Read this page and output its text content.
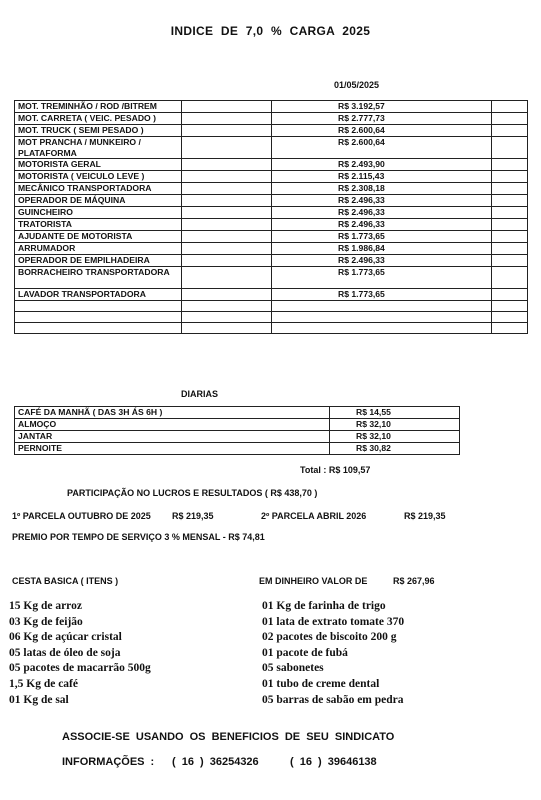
INDICE DE 7,0 % CARGA 2025
01/05/2025
MOT. TREMINHÃO / ROD /BITREM		R$ 3.192,57	
MOT. CARRETA ( VEIC. PESADO )		R$ 2.777,73	
MOT. TRUCK ( SEMI PESADO )		R$ 2.600,64	
MOT PRANCHA / MUNKEIRO / PLATAFORMA		R$ 2.600,64	
MOTORISTA GERAL		R$ 2.493,90	
MOTORISTA ( VEICULO LEVE )		R$ 2.115,43	
MECÂNICO TRANSPORTADORA		R$ 2.308,18	
OPERADOR DE MÁQUINA		R$ 2.496,33	
GUINCHEIRO		R$ 2.496,33	
TRATORISTA		R$ 2.496,33	
AJUDANTE DE MOTORISTA		R$ 1.773,65	
ARRUMADOR		R$ 1.986,84	
OPERADOR DE EMPILHADEIRA		R$ 2.496,33	
BORRACHEIRO TRANSPORTADORA		R$ 1.773,65	
LAVADOR TRANSPORTADORA		R$ 1.773,65	

DIARIAS
CAFÉ DA MANHÃ ( DAS 3H ÁS 6H )	R$ 14,55
ALMOÇO	R$ 32,10
JANTAR	R$ 32,10
PERNOITE	R$ 30,82
Total : R$ 109,57
PARTICIPAÇÃO NO LUCROS E RESULTADOS ( R$ 438,70 )
1º PARCELA OUTUBRO DE 2025 R$ 219,35	2º PARCELA ABRIL 2026	R$ 219,35
PREMIO POR TEMPO DE SERVIÇO 3 % MENSAL - R$ 74,81
CESTA BASICA ( ITENS )	EM DINHEIRO VALOR DE	R$ 267,96
15 Kg de arroz
03 Kg de feijão
06 Kg de açúcar cristal
05 latas de óleo de soja
05 pacotes de macarrão 500g
1,5 Kg de café
01 Kg de sal
01 Kg de farinha de trigo
01 lata de extrato tomate 370
02 pacotes de biscoito 200 g
01 pacote de fubá
05 sabonetes
01 tubo de creme dental
05 barras de sabão em pedra
ASSOCIE-SE USANDO OS BENEFICIOS DE SEU SINDICATO
INFORMAÇÕES : ( 16 ) 36254326	( 16 ) 39646138
